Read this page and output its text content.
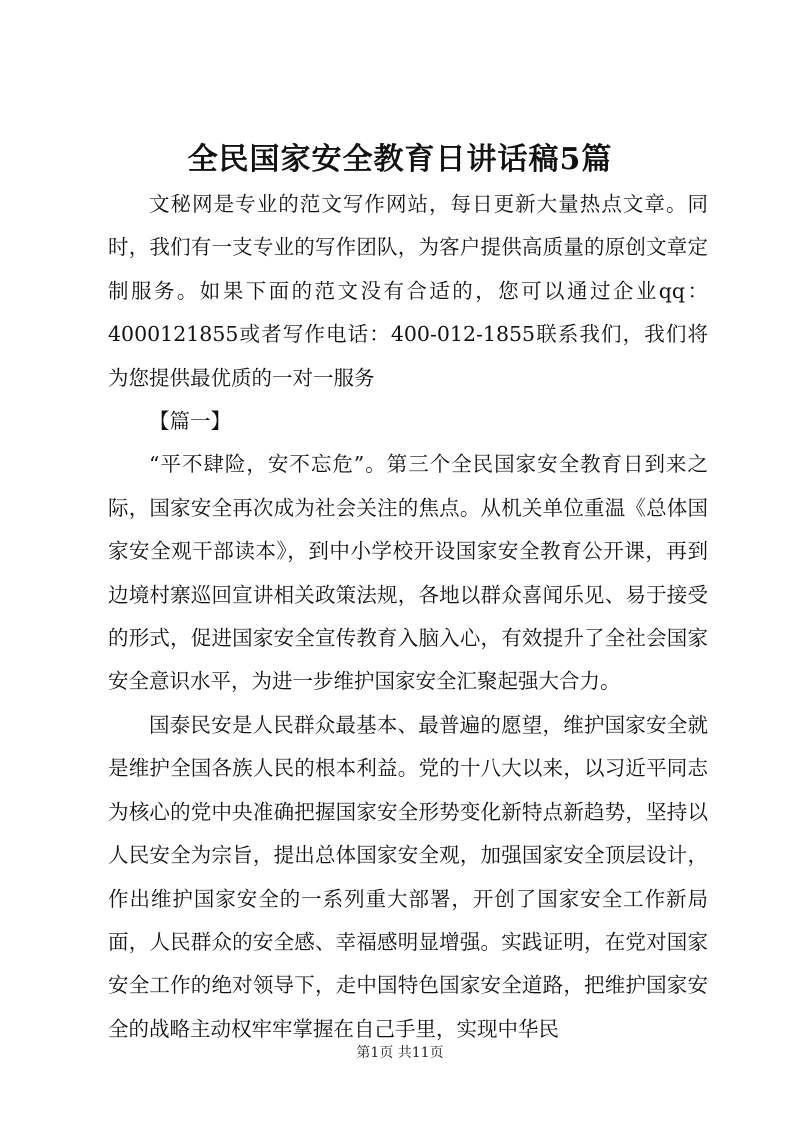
全民国家安全教育日讲话稿5篇

文秘网是专业的范文写作网站，每日更新大量热点文章。同时，我们有一支专业的写作团队，为客户提供高质量的原创文章定制服务。如果下面的范文没有合适的，您可以通过企业qq：4000121855或者写作电话：400-012-1855联系我们，我们将为您提供最优质的一对一服务

【篇一】

“平不肆险，安不忘危”。第三个全民国家安全教育日到来之际，国家安全再次成为社会关注的焦点。从机关单位重温《总体国家安全观干部读本》，到中小学校开设国家安全教育公开课，再到边境村寨巡回宣讲相关政策法规，各地以群众喜闻乐见、易于接受的形式，促进国家安全宣传教育入脑入心，有效提升了全社会国家安全意识水平，为进一步维护国家安全汇聚起强大合力。

国泰民安是人民群众最基本、最普遍的愿望，维护国家安全就是维护全国各族人民的根本利益。党的十八大以来，以习近平同志为核心的党中央准确把握国家安全形势变化新特点新趋势，坚持以人民安全为宗旨，提出总体国家安全观，加强国家安全顶层设计，作出维护国家安全的一系列重大部署，开创了国家安全工作新局面，人民群众的安全感、幸福感明显增强。实践证明，在党对国家安全工作的绝对领导下，走中国特色国家安全道路，把维护国家安全的战略主动权牢牢掌握在自己手里，实现中华民

第1页 共11页
